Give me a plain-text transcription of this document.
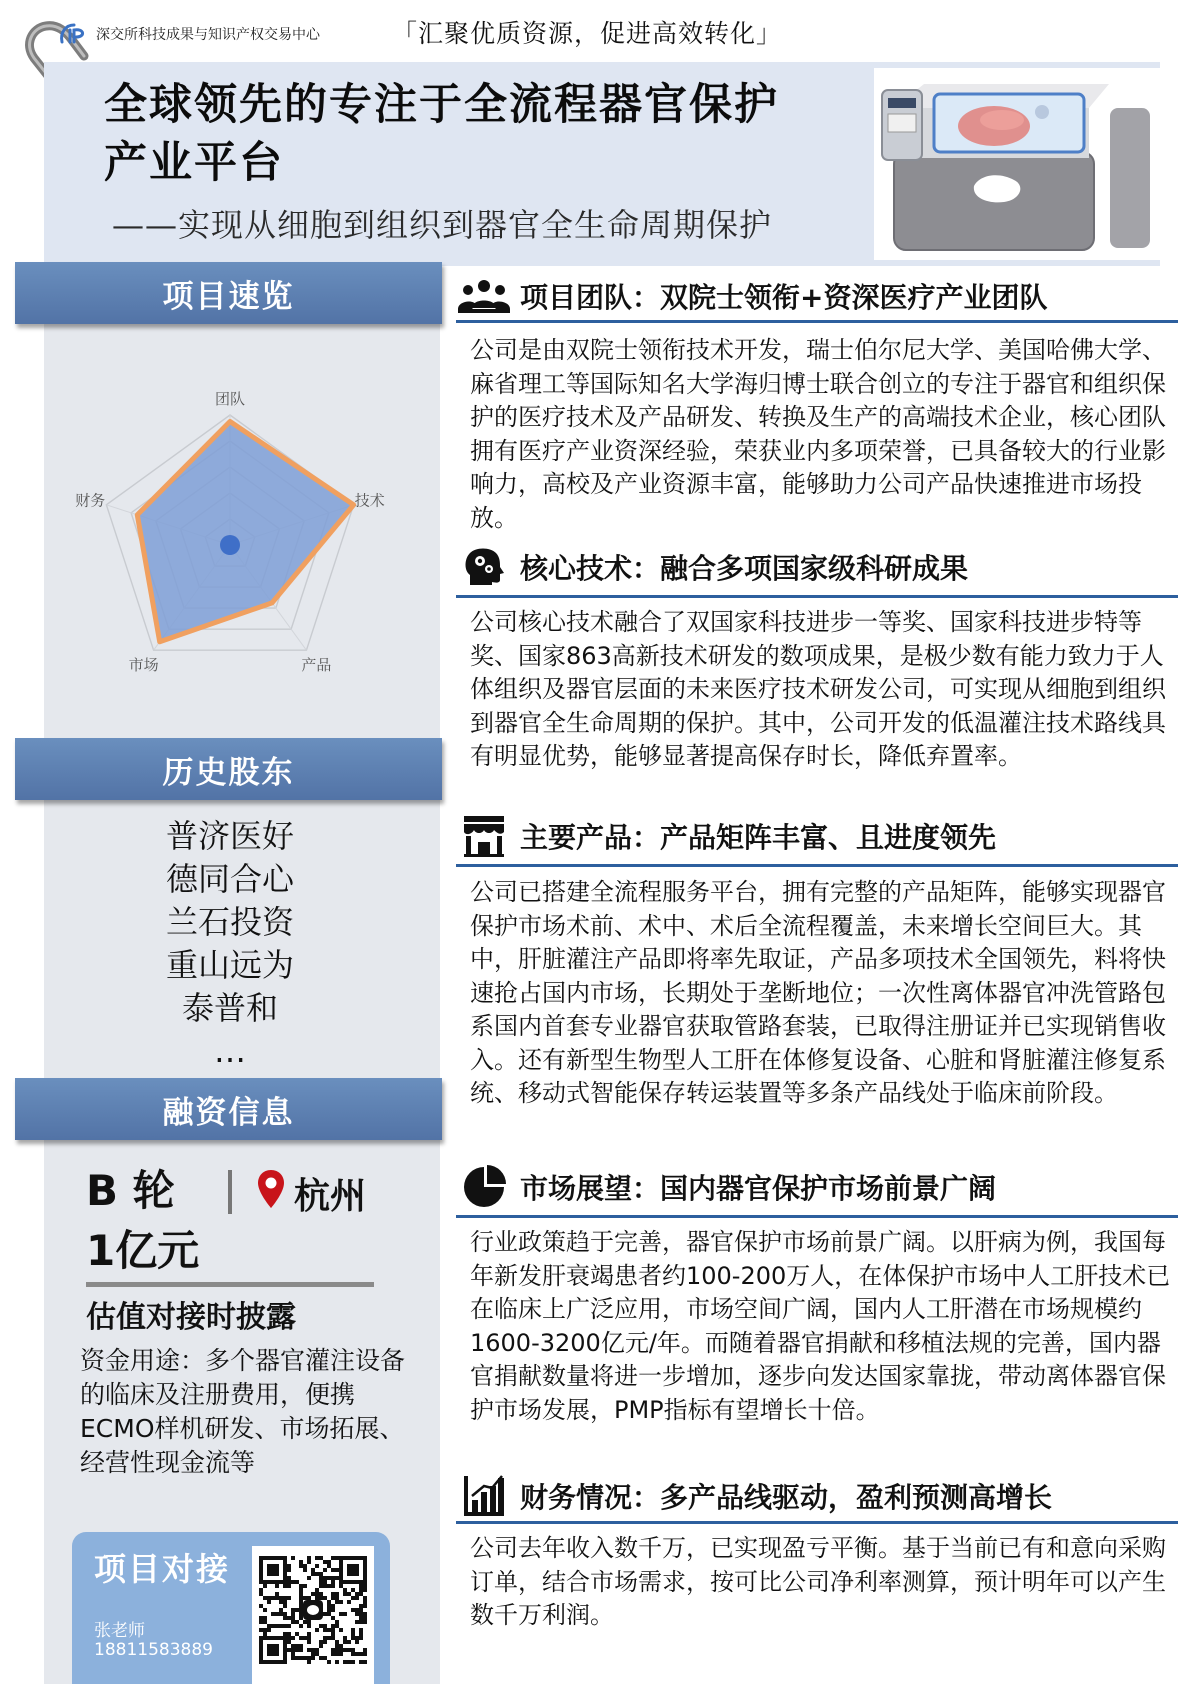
深交所科技成果与知识产权交易中心	「汇聚优质资源，促进高效转化」
全球领先的专注于全流程器官保护
产业平台
——实现从细胞到组织到器官全生命周期保护
项目速览
团队
技术
产品
市场
财务
历史股东
普济医好
德同合心
兰石投资
重山远为
泰普和
…
融资信息
B 轮	杭州
1亿元
估值对接时披露
资金用途：多个器官灌注设备的临床及注册费用，便携ECMO样机研发、市场拓展、经营性现金流等
项目对接
张老师
18811583889
项目团队：双院士领衔+资深医疗产业团队
公司是由双院士领衔技术开发，瑞士伯尔尼大学、美国哈佛大学、麻省理工等国际知名大学海归博士联合创立的专注于器官和组织保护的医疗技术及产品研发、转换及生产的高端技术企业，核心团队拥有医疗产业资深经验，荣获业内多项荣誉，已具备较大的行业影响力，高校及产业资源丰富，能够助力公司产品快速推进市场投放。
核心技术：融合多项国家级科研成果
公司核心技术融合了双国家科技进步一等奖、国家科技进步特等奖、国家863高新技术研发的数项成果，是极少数有能力致力于人体组织及器官层面的未来医疗技术研发公司，可实现从细胞到组织到器官全生命周期的保护。其中，公司开发的低温灌注技术路线具有明显优势，能够显著提高保存时长，降低弃置率。
主要产品：产品矩阵丰富、且进度领先
公司已搭建全流程服务平台，拥有完整的产品矩阵，能够实现器官保护市场术前、术中、术后全流程覆盖，未来增长空间巨大。其中，肝脏灌注产品即将率先取证，产品多项技术全国领先，料将快速抢占国内市场，长期处于垄断地位；一次性离体器官冲洗管路包系国内首套专业器官获取管路套装，已取得注册证并已实现销售收入。还有新型生物型人工肝在体修复设备、心脏和肾脏灌注修复系统、移动式智能保存转运装置等多条产品线处于临床前阶段。
市场展望：国内器官保护市场前景广阔
行业政策趋于完善，器官保护市场前景广阔。以肝病为例，我国每年新发肝衰竭患者约100-200万人，在体保护市场中人工肝技术已在临床上广泛应用，市场空间广阔，国内人工肝潜在市场规模约1600-3200亿元/年。而随着器官捐献和移植法规的完善，国内器官捐献数量将进一步增加，逐步向发达国家靠拢，带动离体器官保护市场发展，PMP指标有望增长十倍。
财务情况：多产品线驱动，盈利预测高增长
公司去年收入数千万，已实现盈亏平衡。基于当前已有和意向采购订单，结合市场需求，按可比公司净利率测算，预计明年可以产生数千万利润。
